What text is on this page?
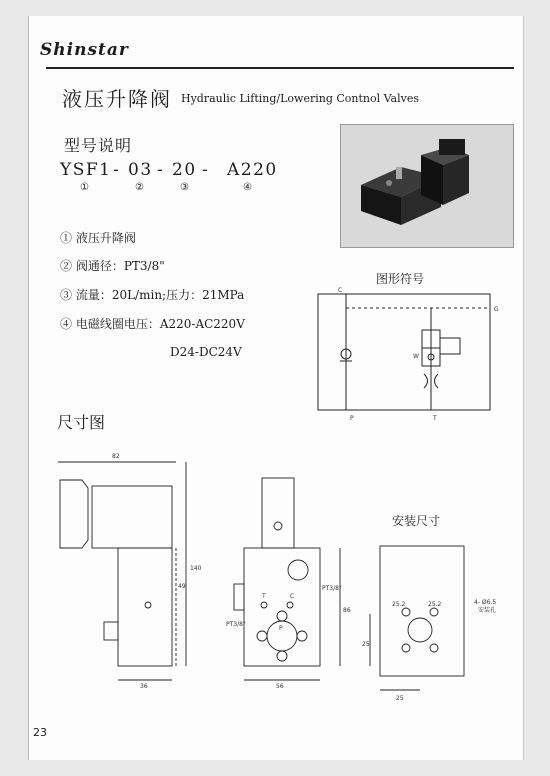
Shinstar
液压升降阀 Hydraulic Lifting/Lowering Contnol Valves
型号说明
YSF1 - 03 - 20 - A220
①	②	③	④
① 液压升降阀
② 阀通径：PT3/8"
③ 流量：20L/min;压力：21MPa
④ 电磁线圈电压：A220-AC220V
D24-DC24V
图形符号
C
G
W
P	T
尺寸图
82
140
49
36
86
56
PT3/8"
PT3/8"
T	C
P
25
25
25.2	25.2	4- Ø6.5
安装孔
安装尺寸
23
